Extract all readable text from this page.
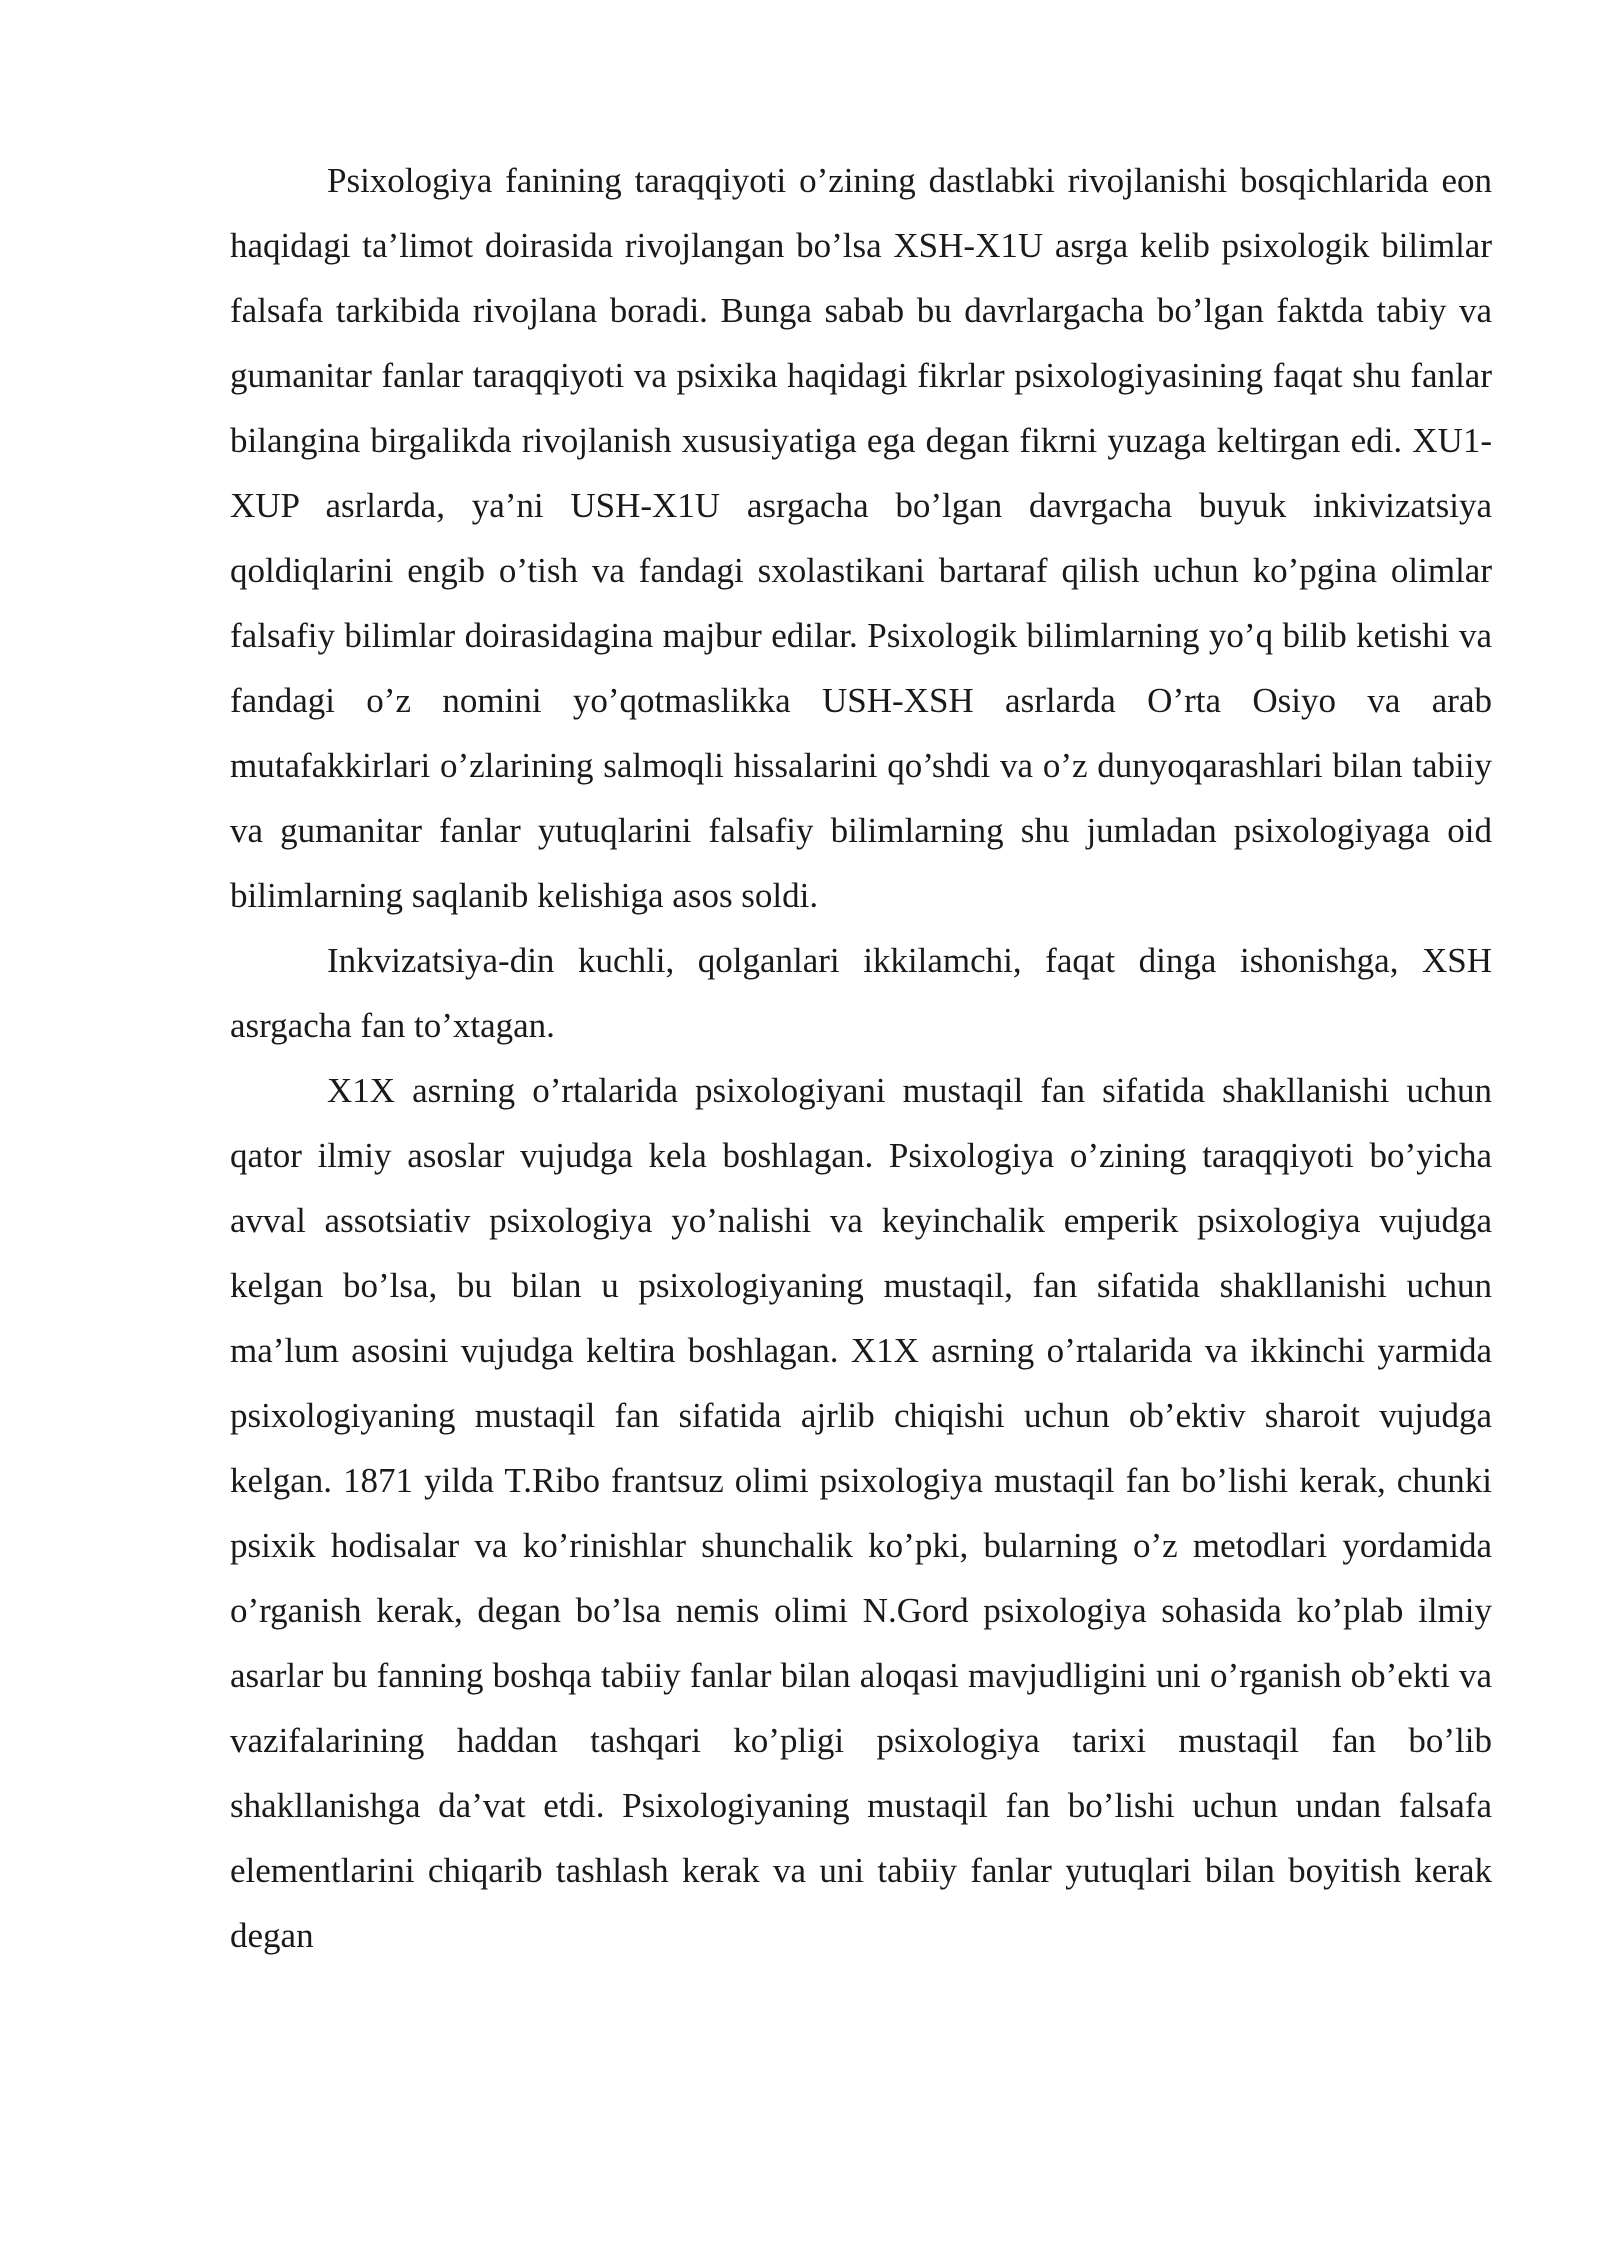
Psixologiya fanining taraqqiyoti o’zining dastlabki rivojlanishi bosqichlarida eon haqidagi ta’limot doirasida rivojlangan bo’lsa XSH-X1U asrga kelib psixologik bilimlar falsafa tarkibida rivojlana boradi. Bunga sabab bu davrlargacha bo’lgan faktda tabiy va gumanitar fanlar taraqqiyoti va psixika haqidagi fikrlar psixologiyasining faqat shu fanlar bilangina birgalikda rivojlanish xususiyatiga ega degan fikrni yuzaga keltirgan edi. XU1-XUP asrlarda, ya’ni USH-X1U asrgacha bo’lgan davrgacha buyuk inkivizatsiya qoldiqlarini engib o’tish va fandagi sxolastikani bartaraf qilish uchun ko’pgina olimlar falsafiy bilimlar doirasidagina majbur edilar. Psixologik bilimlarning yo’q bilib ketishi va fandagi o’z nomini yo’qotmaslikka USH-XSH asrlarda O’rta Osiyo va arab mutafakkirlari o’zlarining salmoqli hissalarini qo’shdi va o’z dunyoqarashlari bilan tabiiy va gumanitar fanlar yutuqlarini falsafiy bilimlarning shu jumladan psixologiyaga oid bilimlarning saqlanib kelishiga asos soldi.

Inkvizatsiya-din kuchli, qolganlari ikkilamchi, faqat dinga ishonishga, XSH asrgacha fan to’xtagan.

X1X asrning o’rtalarida psixologiyani mustaqil fan sifatida shakllanishi uchun qator ilmiy asoslar vujudga kela boshlagan. Psixologiya o’zining taraqqiyoti bo’yicha avval assotsiativ psixologiya yo’nalishi va keyinchalik emperik psixologiya vujudga kelgan bo’lsa, bu bilan u psixologiyaning mustaqil, fan sifatida shakllanishi uchun ma’lum asosini vujudga keltira boshlagan. X1X asrning o’rtalarida va ikkinchi yarmida psixologiyaning mustaqil fan sifatida ajrlib chiqishi uchun ob’ektiv sharoit vujudga kelgan. 1871 yilda T.Ribo frantsuz olimi psixologiya mustaqil fan bo’lishi kerak, chunki psixik hodisalar va ko’rinishlar shunchalik ko’pki, bularning o’z metodlari yordamida o’rganish kerak, degan bo’lsa nemis olimi N.Gord psixologiya sohasida ko’plab ilmiy asarlar bu fanning boshqa tabiiy fanlar bilan aloqasi mavjudligini uni o’rganish ob’ekti va vazifalarining haddan tashqari ko’pligi psixologiya tarixi mustaqil fan bo’lib shakllanishga da’vat etdi. Psixologiyaning mustaqil fan bo’lishi uchun undan falsafa elementlarini chiqarib tashlash kerak va uni tabiiy fanlar yutuqlari bilan boyitish kerak degan
